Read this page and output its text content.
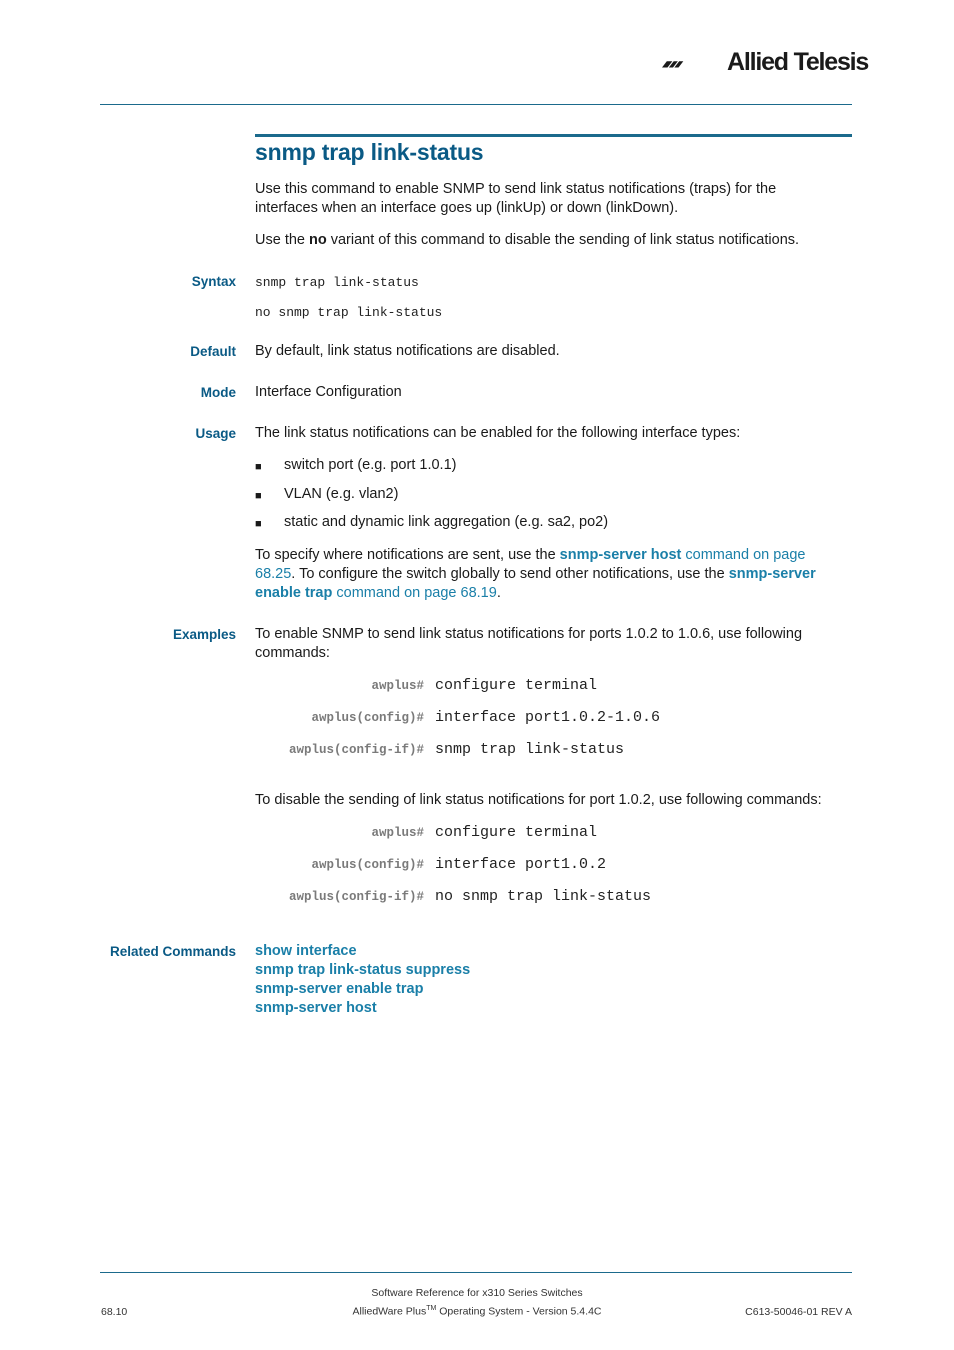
Allied Telesis
snmp trap link-status
Use this command to enable SNMP to send link status notifications (traps) for the interfaces when an interface goes up (linkUp) or down (linkDown).
Use the no variant of this command to disable the sending of link status notifications.
Syntax snmp trap link-status
no snmp trap link-status
Default By default, link status notifications are disabled.
Mode Interface Configuration
Usage The link status notifications can be enabled for the following interface types:
■ switch port (e.g. port 1.0.1)
■ VLAN (e.g. vlan2)
■ static and dynamic link aggregation (e.g. sa2, po2)
To specify where notifications are sent, use the snmp-server host command on page 68.25. To configure the switch globally to send other notifications, use the snmp-server enable trap command on page 68.19.
Examples To enable SNMP to send link status notifications for ports 1.0.2 to 1.0.6, use following commands:
awplus# configure terminal
awplus(config)# interface port1.0.2-1.0.6
awplus(config-if)# snmp trap link-status
To disable the sending of link status notifications for port 1.0.2, use following commands:
awplus# configure terminal
awplus(config)# interface port1.0.2
awplus(config-if)# no snmp trap link-status
Related Commands show interface
snmp trap link-status suppress
snmp-server enable trap
snmp-server host
Software Reference for x310 Series Switches
AlliedWare Plus™ Operating System - Version 5.4.4C
68.10	C613-50046-01 REV A
